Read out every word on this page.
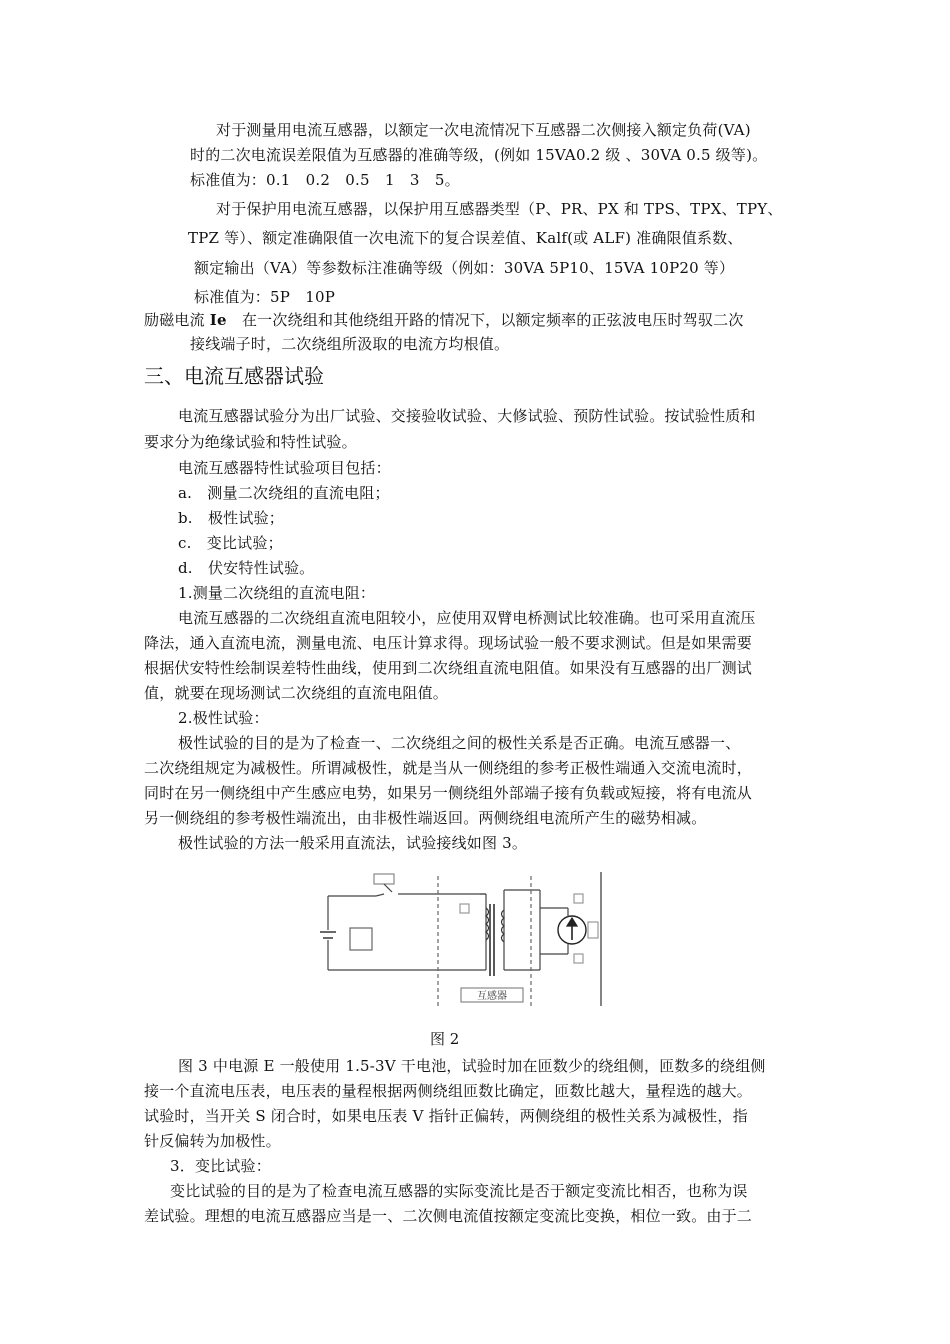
对于测量用电流互感器，以额定一次电流情况下互感器二次侧接入额定负荷(VA)
时的二次电流误差限值为互感器的准确等级，(例如 15VA0.2 级 、30VA 0.5 级等)。
标准值为：0.1　0.2　0.5　1　3　5。
对于保护用电流互感器，以保护用互感器类型（P、PR、PX 和 TPS、TPX、TPY、
TPZ 等）、额定准确限值一次电流下的复合误差值、Kalf(或 ALF) 准确限值系数、
额定输出（VA）等参数标注准确等级（例如：30VA 5P10、15VA 10P20 等）
标准值为：5P　10P
励磁电流 Ie　在一次绕组和其他绕组开路的情况下，以额定频率的正弦波电压时驾驭二次
接线端子时，二次绕组所汲取的电流方均根值。
三、电流互感器试验
电流互感器试验分为出厂试验、交接验收试验、大修试验、预防性试验。按试验性质和
要求分为绝缘试验和特性试验。
电流互感器特性试验项目包括：
a.　测量二次绕组的直流电阻；
b.　极性试验；
c.　变比试验；
d.　伏安特性试验。
1.测量二次绕组的直流电阻：
电流互感器的二次绕组直流电阻较小，应使用双臂电桥测试比较准确。也可采用直流压
降法，通入直流电流，测量电流、电压计算求得。现场试验一般不要求测试。但是如果需要
根据伏安特性绘制误差特性曲线，使用到二次绕组直流电阻值。如果没有互感器的出厂测试
值，就要在现场测试二次绕组的直流电阻值。
2.极性试验：
极性试验的目的是为了检查一、二次绕组之间的极性关系是否正确。电流互感器一、
二次绕组规定为减极性。所谓减极性，就是当从一侧绕组的参考正极性端通入交流电流时，
同时在另一侧绕组中产生感应电势，如果另一侧绕组外部端子接有负载或短接，将有电流从
另一侧绕组的参考极性端流出，由非极性端返回。两侧绕组电流所产生的磁势相减。
极性试验的方法一般采用直流法，试验接线如图 3。
互感器
图 2
图 3 中电源 E 一般使用 1.5-3V 干电池，试验时加在匝数少的绕组侧，匝数多的绕组侧
接一个直流电压表，电压表的量程根据两侧绕组匝数比确定，匝数比越大，量程选的越大。
试验时，当开关 S 闭合时，如果电压表 V 指针正偏转，两侧绕组的极性关系为减极性，指
针反偏转为加极性。
3．变比试验：
变比试验的目的是为了检查电流互感器的实际变流比是否于额定变流比相否，也称为误
差试验。理想的电流互感器应当是一、二次侧电流值按额定变流比变换，相位一致。由于二
